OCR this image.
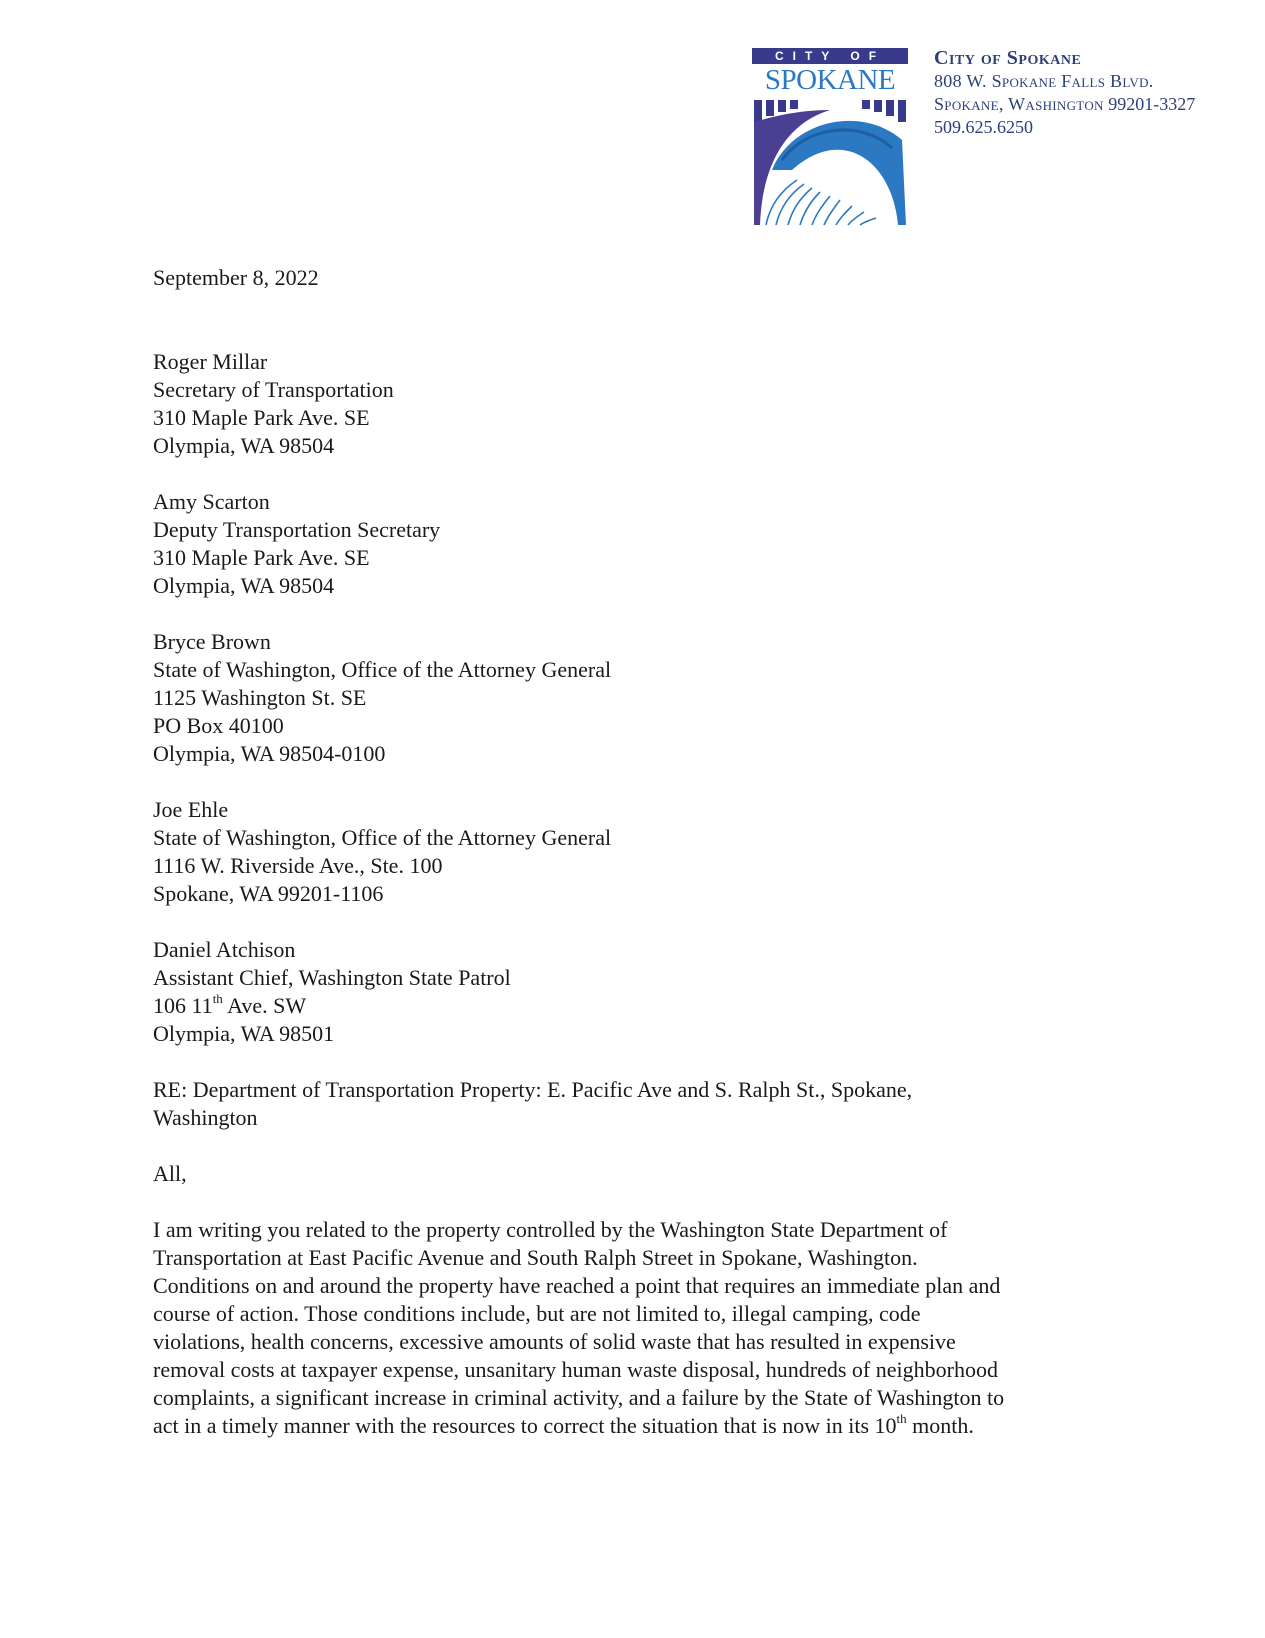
CITY OF
SPOKANE
City of Spokane
808 W. Spokane Falls Blvd.
Spokane, Washington 99201-3327
509.625.6250

September 8, 2022

Roger Millar

Secretary of Transportation

310 Maple Park Ave. SE

Olympia, WA 98504

Amy Scarton

Deputy Transportation Secretary

310 Maple Park Ave. SE

Olympia, WA 98504

Bryce Brown

State of Washington, Office of the Attorney General

1125 Washington St. SE

PO Box 40100

Olympia, WA 98504-0100

Joe Ehle

State of Washington, Office of the Attorney General

1116 W. Riverside Ave., Ste. 100

Spokane, WA 99201-1106

Daniel Atchison

Assistant Chief, Washington State Patrol

106 11th Ave. SW

Olympia, WA 98501

RE: Department of Transportation Property: E. Pacific Ave and S. Ralph St., Spokane,

Washington

All,

I am writing you related to the property controlled by the Washington State Department of

Transportation at East Pacific Avenue and South Ralph Street in Spokane, Washington.

Conditions on and around the property have reached a point that requires an immediate plan and

course of action. Those conditions include, but are not limited to, illegal camping, code

violations, health concerns, excessive amounts of solid waste that has resulted in expensive

removal costs at taxpayer expense, unsanitary human waste disposal, hundreds of neighborhood

complaints, a significant increase in criminal activity, and a failure by the State of Washington to

act in a timely manner with the resources to correct the situation that is now in its 10th month.
